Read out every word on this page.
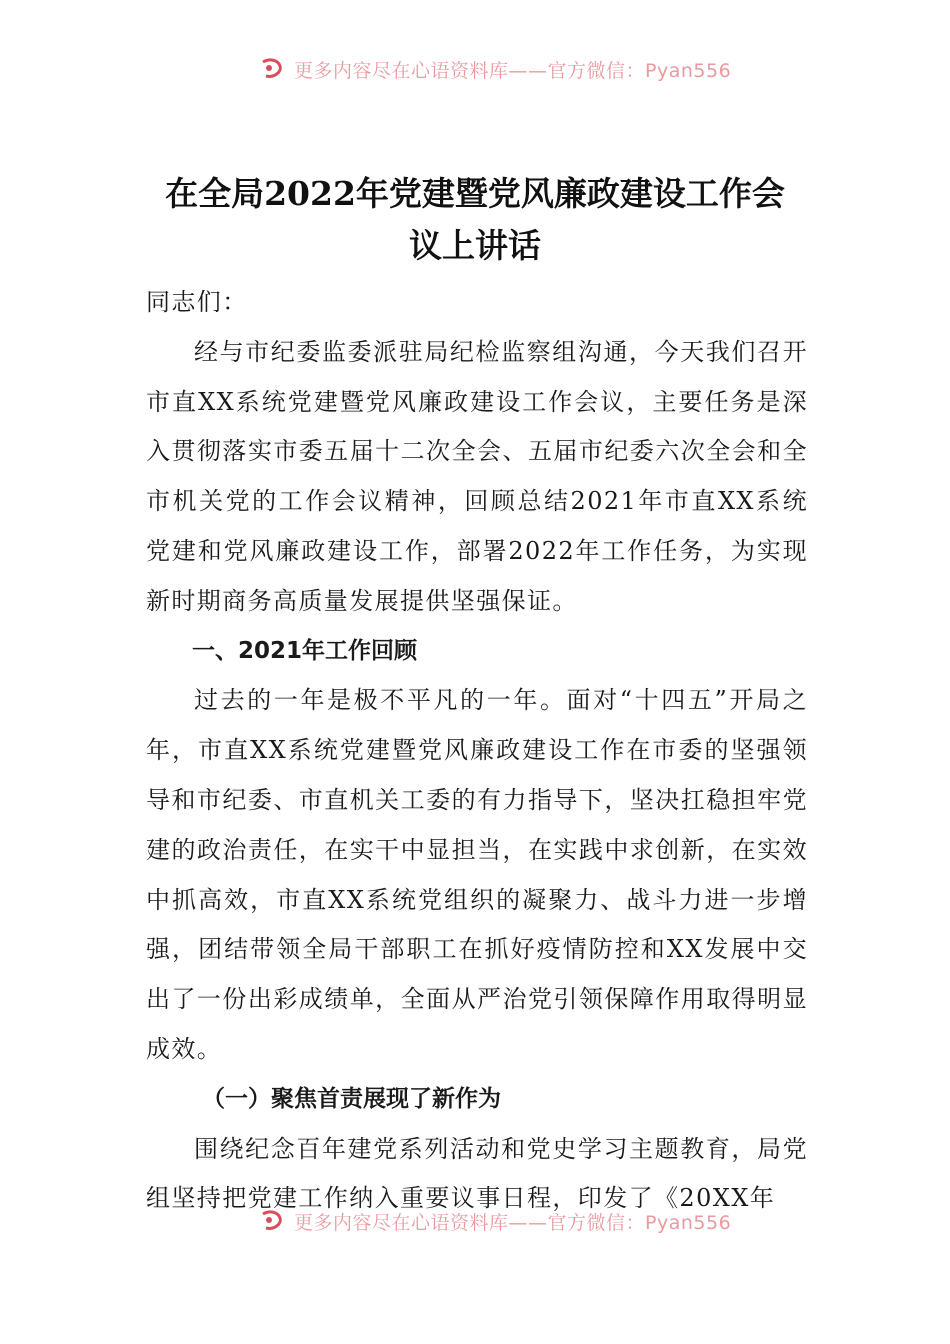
更多内容尽在心语资料库——官方微信：Pyan556
在全局2022年党建暨党风廉政建设工作会
议上讲话

同志们：

经与市纪委监委派驻局纪检监察组沟通，今天我们召开市直XX系统党建暨党风廉政建设工作会议，主要任务是深入贯彻落实市委五届十二次全会、五届市纪委六次全会和全市机关党的工作会议精神，回顾总结2021年市直XX系统党建和党风廉政建设工作，部署2022年工作任务，为实现新时期商务高质量发展提供坚强保证。

一、2021年工作回顾

过去的一年是极不平凡的一年。面对“十四五”开局之年，市直XX系统党建暨党风廉政建设工作在市委的坚强领导和市纪委、市直机关工委的有力指导下，坚决扛稳担牢党建的政治责任，在实干中显担当，在实践中求创新，在实效中抓高效，市直XX系统党组织的凝聚力、战斗力进一步增强，团结带领全局干部职工在抓好疫情防控和XX发展中交出了一份出彩成绩单，全面从严治党引领保障作用取得明显成效。

（一）聚焦首责展现了新作为

围绕纪念百年建党系列活动和党史学习主题教育，局党组坚持把党建工作纳入重要议事日程，印发了《20XX年

更多内容尽在心语资料库——官方微信：Pyan556
